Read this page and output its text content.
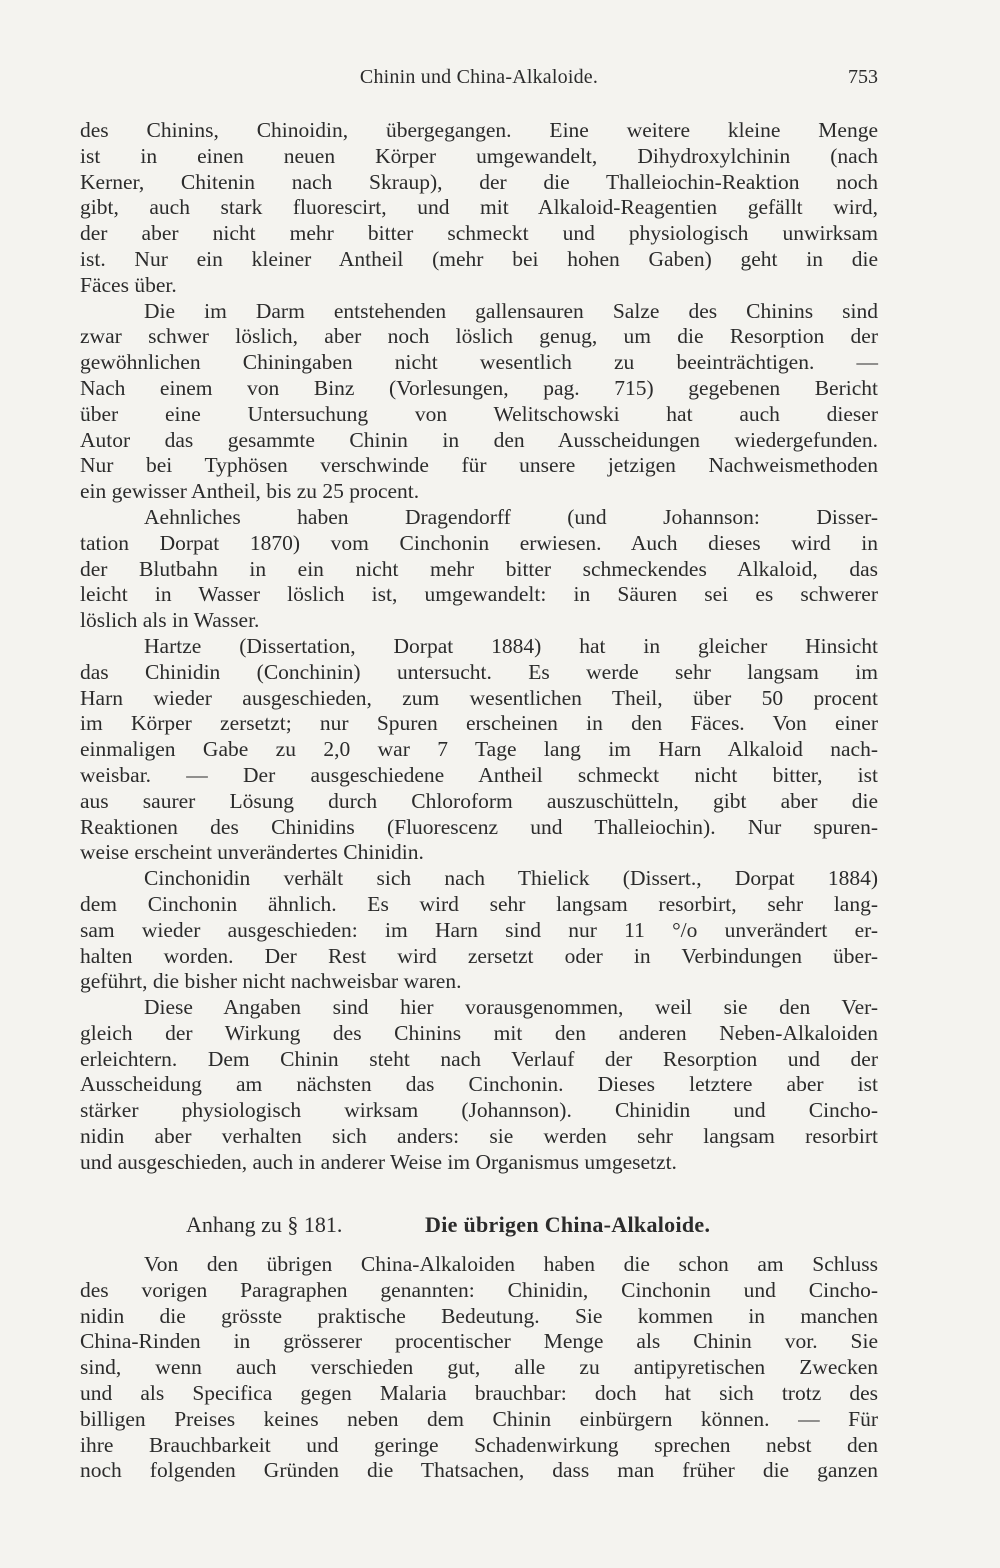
Chinin und China-Alkaloide.	753
des Chinins, Chinoidin, übergegangen. Eine weitere kleine Menge
ist in einen neuen Körper umgewandelt, Dihydroxylchinin (nach
Kerner, Chitenin nach Skraup), der die Thalleiochin-Reaktion noch
gibt, auch stark fluorescirt, und mit Alkaloid-Reagentien gefällt wird,
der aber nicht mehr bitter schmeckt und physiologisch unwirksam
ist. Nur ein kleiner Antheil (mehr bei hohen Gaben) geht in die
Fäces über.
Die im Darm entstehenden gallensauren Salze des Chinins sind
zwar schwer löslich, aber noch löslich genug, um die Resorption der
gewöhnlichen Chiningaben nicht wesentlich zu beeinträchtigen. —
Nach einem von Binz (Vorlesungen, pag. 715) gegebenen Bericht
über eine Untersuchung von Welitschowski hat auch dieser
Autor das gesammte Chinin in den Ausscheidungen wiedergefunden.
Nur bei Typhösen verschwinde für unsere jetzigen Nachweismethoden
ein gewisser Antheil, bis zu 25 procent.
Aehnliches haben Dragendorff (und Johannson: Disser-
tation Dorpat 1870) vom Cinchonin erwiesen. Auch dieses wird in
der Blutbahn in ein nicht mehr bitter schmeckendes Alkaloid, das
leicht in Wasser löslich ist, umgewandelt: in Säuren sei es schwerer
löslich als in Wasser.
Hartze (Dissertation, Dorpat 1884) hat in gleicher Hinsicht
das Chinidin (Conchinin) untersucht. Es werde sehr langsam im
Harn wieder ausgeschieden, zum wesentlichen Theil, über 50 procent
im Körper zersetzt; nur Spuren erscheinen in den Fäces. Von einer
einmaligen Gabe zu 2,0 war 7 Tage lang im Harn Alkaloid nach-
weisbar. — Der ausgeschiedene Antheil schmeckt nicht bitter, ist
aus saurer Lösung durch Chloroform auszuschütteln, gibt aber die
Reaktionen des Chinidins (Fluorescenz und Thalleiochin). Nur spuren-
weise erscheint unverändertes Chinidin.
Cinchonidin verhält sich nach Thielick (Dissert., Dorpat 1884)
dem Cinchonin ähnlich. Es wird sehr langsam resorbirt, sehr lang-
sam wieder ausgeschieden: im Harn sind nur 11 °/o unverändert er-
halten worden. Der Rest wird zersetzt oder in Verbindungen über-
geführt, die bisher nicht nachweisbar waren.
Diese Angaben sind hier vorausgenommen, weil sie den Ver-
gleich der Wirkung des Chinins mit den anderen Neben-Alkaloiden
erleichtern. Dem Chinin steht nach Verlauf der Resorption und der
Ausscheidung am nächsten das Cinchonin. Dieses letztere aber ist
stärker physiologisch wirksam (Johannson). Chinidin und Cincho-
nidin aber verhalten sich anders: sie werden sehr langsam resorbirt
und ausgeschieden, auch in anderer Weise im Organismus umgesetzt.
Anhang zu § 181.	Die übrigen China-Alkaloide.
Von den übrigen China-Alkaloiden haben die schon am Schluss
des vorigen Paragraphen genannten: Chinidin, Cinchonin und Cincho-
nidin die grösste praktische Bedeutung. Sie kommen in manchen
China-Rinden in grösserer procentischer Menge als Chinin vor. Sie
sind, wenn auch verschieden gut, alle zu antipyretischen Zwecken
und als Specifica gegen Malaria brauchbar: doch hat sich trotz des
billigen Preises keines neben dem Chinin einbürgern können. — Für
ihre Brauchbarkeit und geringe Schadenwirkung sprechen nebst den
noch folgenden Gründen die Thatsachen, dass man früher die ganzen
